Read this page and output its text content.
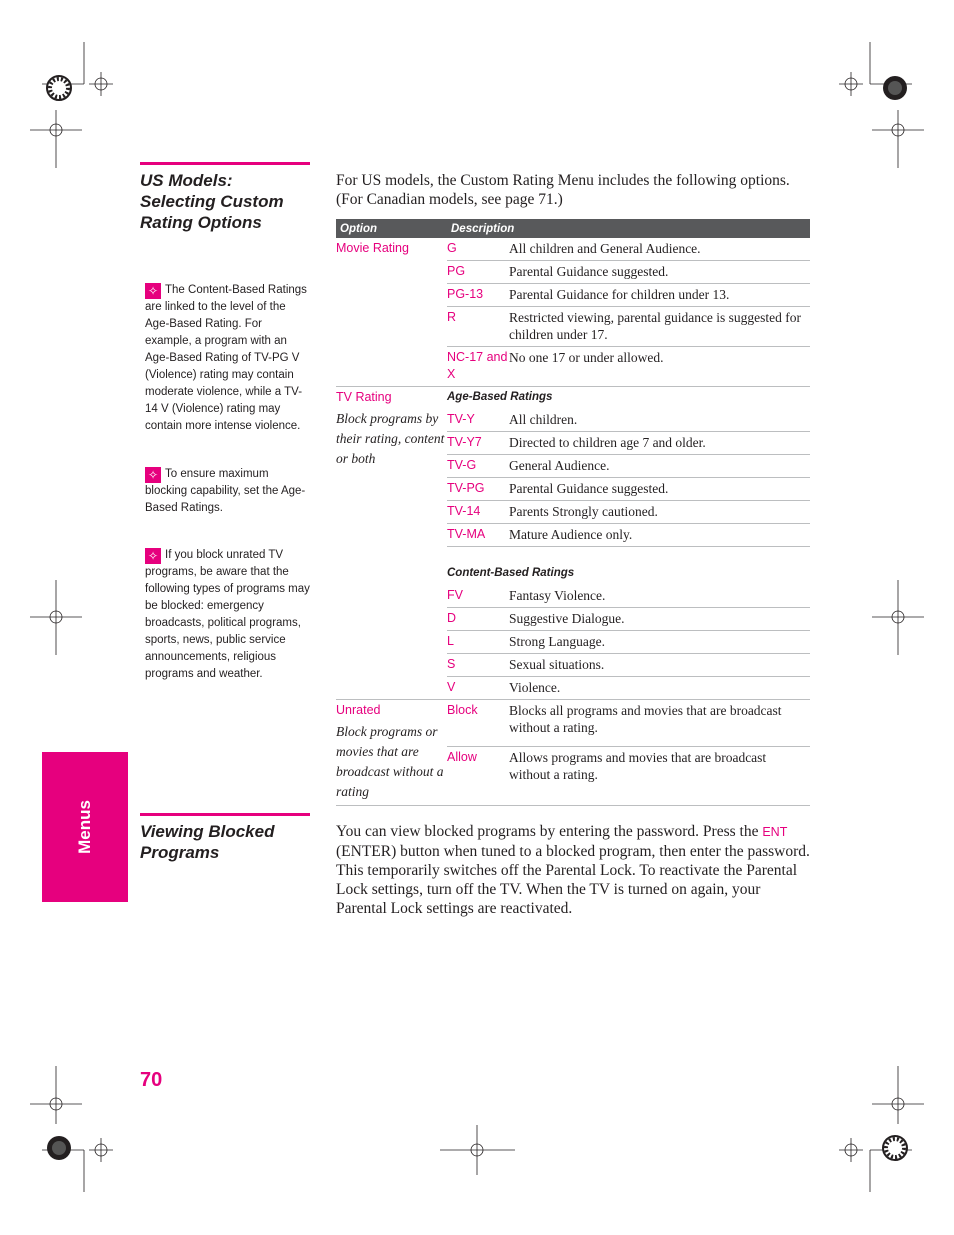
US Models:
Selecting Custom
Rating Options
For US models, the Custom Rating Menu includes the following options. (For Canadian models, see page 71.)
✧ The Content-Based Ratings are linked to the level of the Age-Based Rating. For example, a program with an Age-Based Rating of TV-PG V (Violence) rating may contain moderate violence, while a TV-14 V (Violence) rating may contain more intense violence.
✧ To ensure maximum blocking capability, set the Age-Based Ratings.
✧ If you block unrated TV programs, be aware that the following types of programs may be blocked: emergency broadcasts, political programs, sports, news, public service announcements, religious programs and weather.
Option	Description	

Movie Rating	G	All children and General Audience.
	PG	Parental Guidance suggested.
	PG-13	Parental Guidance for children under 13.
	R	Restricted viewing, parental guidance is suggested for children under 17.
	NC-17 and X	No one 17 or under allowed.

TV Rating
Block programs by their rating, content or both	Age-Based Ratings	
	TV-Y	All children.
	TV-Y7	Directed to children age 7 and older.
	TV-G	General Audience.
	TV-PG	Parental Guidance suggested.
	TV-14	Parents Strongly cautioned.
	TV-MA	Mature Audience only.
	Content-Based Ratings	
	FV	Fantasy Violence.
	D	Suggestive Dialogue.
	L	Strong Language.
	S	Sexual situations.
	V	Violence.

Unrated
Block programs or movies that are broadcast without a rating	Block	Blocks all programs and movies that are broadcast without a rating.
	Allow	Allows programs and movies that are broadcast without a rating.
Viewing Blocked
Programs
You can view blocked programs by entering the password. Press the ENT (ENTER) button when tuned to a blocked program, then enter the password. This temporarily switches off the Parental Lock. To reactivate the Parental Lock settings, turn off the TV. When the TV is turned on again, your Parental Lock settings are reactivated.
Menus
70
